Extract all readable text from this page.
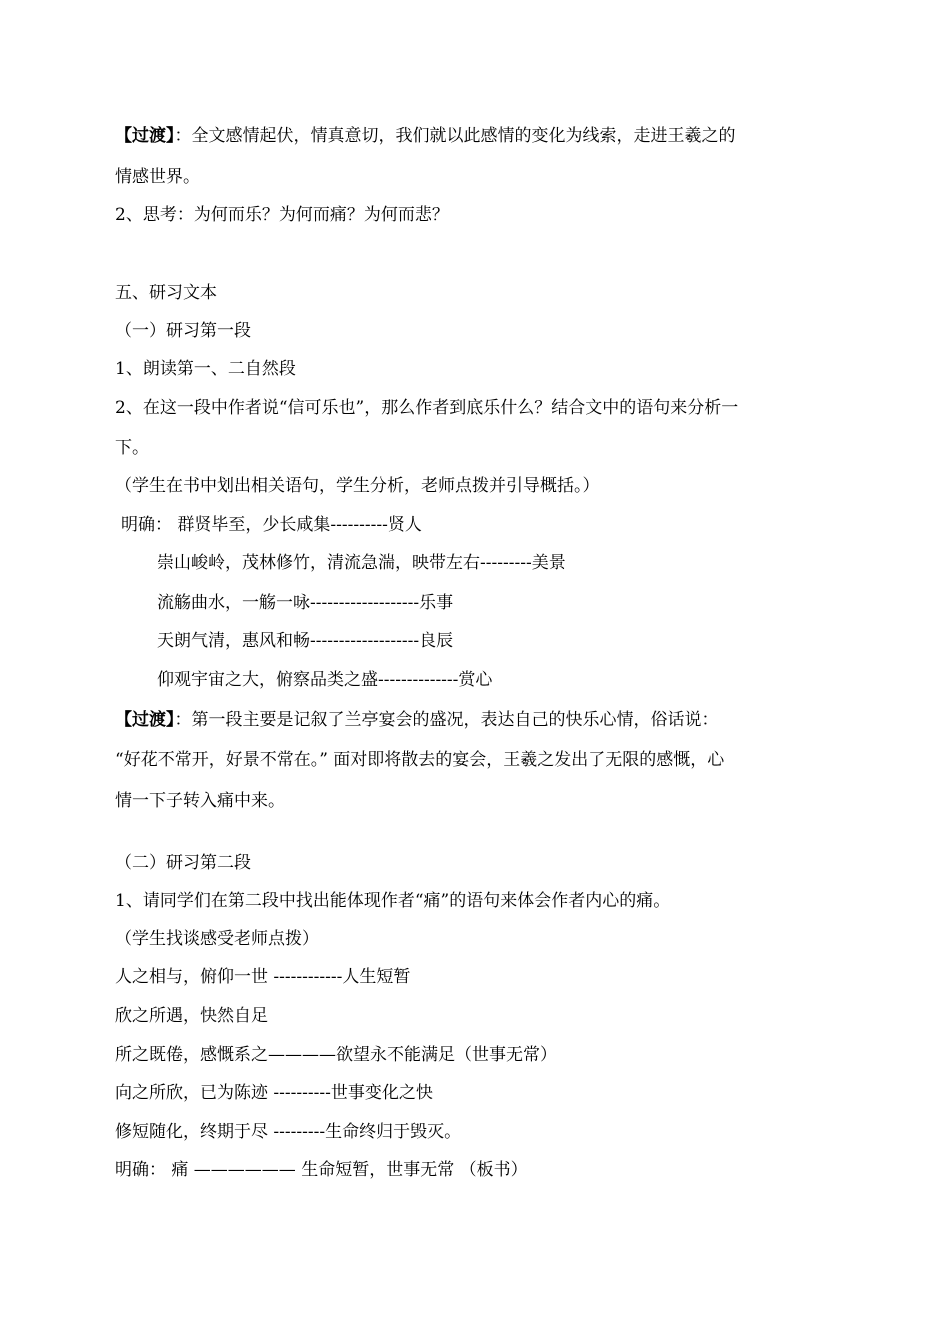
【过渡】：全文感情起伏，情真意切，我们就以此感情的变化为线索，走进王羲之的

情感世界。

2、思考：为何而乐？为何而痛？为何而悲？

五、研习文本

（一）研习第一段

1、朗读第一、二自然段

2、在这一段中作者说“信可乐也”，那么作者到底乐什么？结合文中的语句来分析一

下。

（学生在书中划出相关语句，学生分析，老师点拨并引导概括。）

明确： 群贤毕至，少长咸集----------贤人

崇山峻岭，茂林修竹，清流急湍，映带左右---------美景

流觞曲水，一觞一咏-------------------乐事

天朗气清，惠风和畅-------------------良辰

仰观宇宙之大，俯察品类之盛--------------赏心

【过渡】：第一段主要是记叙了兰亭宴会的盛况，表达自己的快乐心情，俗话说：

“好花不常开，好景不常在。” 面对即将散去的宴会，王羲之发出了无限的感慨，心

情一下子转入痛中来。

（二）研习第二段

1、请同学们在第二段中找出能体现作者“痛”的语句来体会作者内心的痛。

（学生找谈感受老师点拨）

人之相与，俯仰一世 ------------人生短暂

欣之所遇，快然自足

所之既倦，感慨系之————欲望永不能满足（世事无常）

向之所欣，已为陈迹 ----------世事变化之快

修短随化，终期于尽 ---------生命终归于毁灭。

明确： 痛 —————— 生命短暂，世事无常 （板书）
